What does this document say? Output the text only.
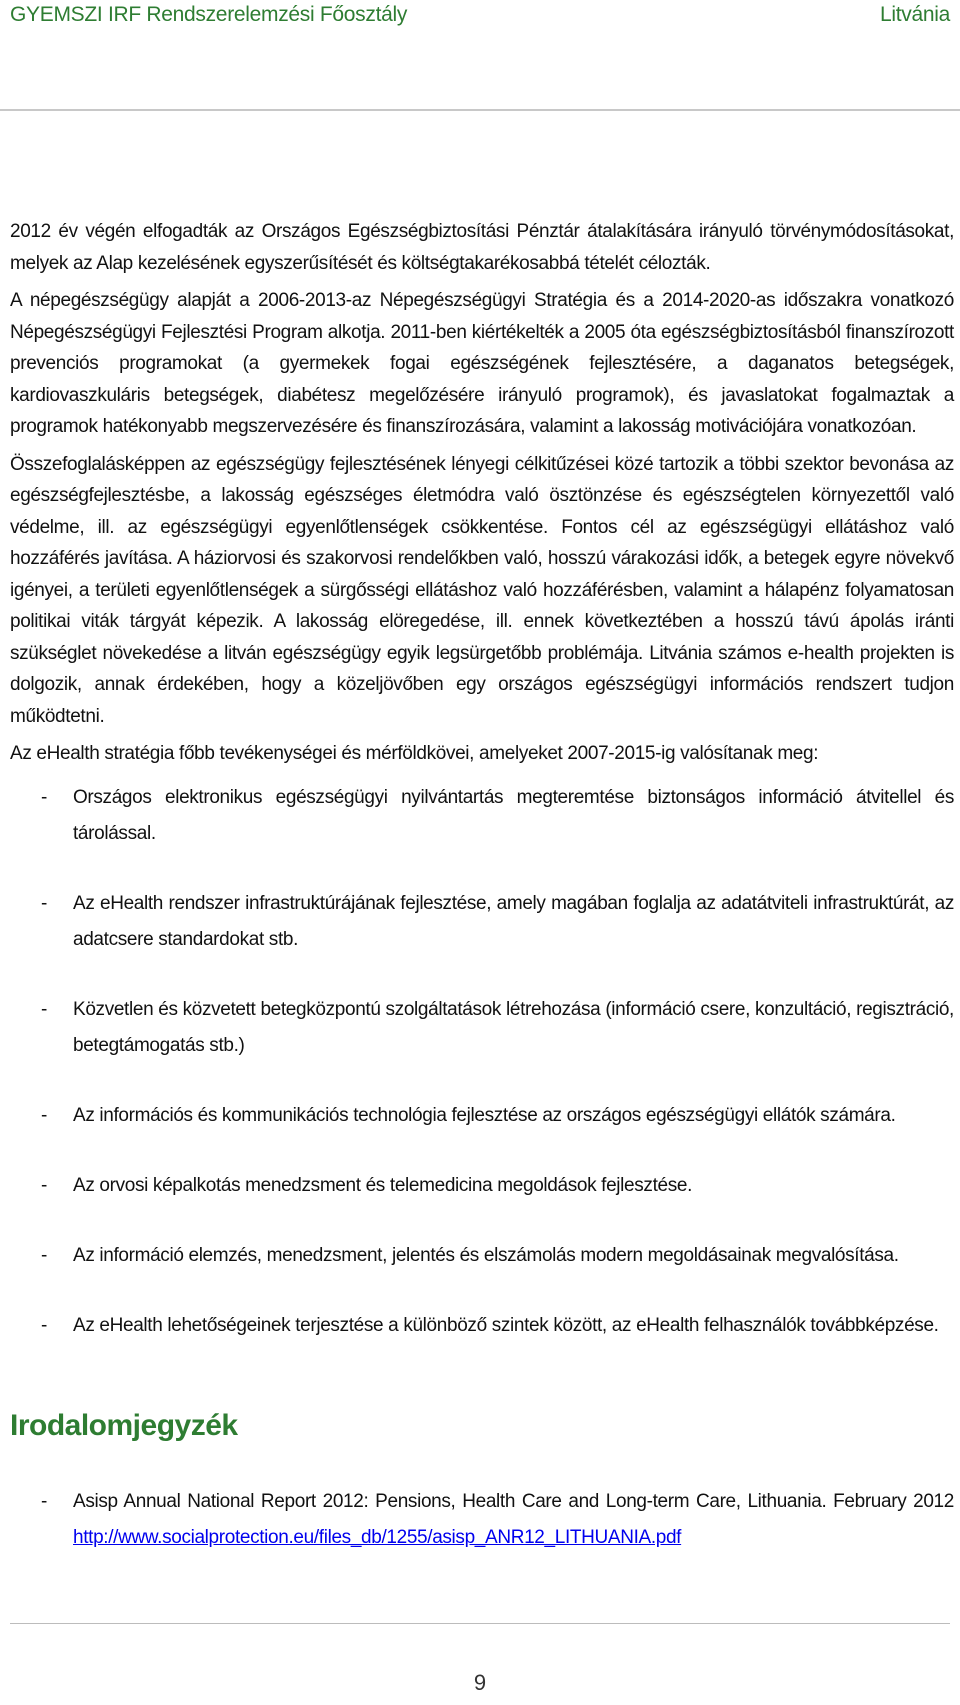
GYEMSZI IRF Rendszerelemzési Főosztály	Litvánia

2012 év végén elfogadták az Országos Egészségbiztosítási Pénztár átalakítására irányuló törvénymódosításokat, melyek az Alap kezelésének egyszerűsítését és költségtakarékosabbá tételét célozták.

A népegészségügy alapját a 2006-2013-az Népegészségügyi Stratégia és a 2014-2020-as időszakra vonatkozó Népegészségügyi Fejlesztési Program alkotja. 2011-ben kiértékelték a 2005 óta egészségbiztosításból finanszírozott prevenciós programokat (a gyermekek fogai egészségének fejlesztésére, a daganatos betegségek, kardiovaszkuláris betegségek, diabétesz megelőzésére irányuló programok), és javaslatokat fogalmaztak a programok hatékonyabb megszervezésére és finanszírozására, valamint a lakosság motivációjára vonatkozóan.

Összefoglalásképpen az egészségügy fejlesztésének lényegi célkitűzései közé tartozik a többi szektor bevonása az egészségfejlesztésbe, a lakosság egészséges életmódra való ösztönzése és egészségtelen környezettől való védelme, ill. az egészségügyi egyenlőtlenségek csökkentése. Fontos cél az egészségügyi ellátáshoz való hozzáférés javítása. A háziorvosi és szakorvosi rendelőkben való, hosszú várakozási idők, a betegek egyre növekvő igényei, a területi egyenlőtlenségek a sürgősségi ellátáshoz való hozzáférésben, valamint a hálapénz folyamatosan politikai viták tárgyát képezik. A lakosság elöregedése, ill. ennek következtében a hosszú távú ápolás iránti szükséglet növekedése a litván egészségügy egyik legsürgetőbb problémája. Litvánia számos e-health projekten is dolgozik, annak érdekében, hogy a közeljövőben egy országos egészségügyi információs rendszert tudjon működtetni.

Az eHealth stratégia főbb tevékenységei és mérföldkövei, amelyeket 2007-2015-ig valósítanak meg:

- Országos elektronikus egészségügyi nyilvántartás megteremtése biztonságos információ átvitellel és tárolással.
- Az eHealth rendszer infrastruktúrájának fejlesztése, amely magában foglalja az adatátviteli infrastruktúrát, az adatcsere standardokat stb.
- Közvetlen és közvetett betegközpontú szolgáltatások létrehozása (információ csere, konzultáció, regisztráció, betegtámogatás stb.)
- Az információs és kommunikációs technológia fejlesztése az országos egészségügyi ellátók számára.
- Az orvosi képalkotás menedzsment és telemedicina megoldások fejlesztése.
- Az információ elemzés, menedzsment, jelentés és elszámolás modern megoldásainak megvalósítása.
- Az eHealth lehetőségeinek terjesztése a különböző szintek között, az eHealth felhasználók továbbképzése.
Irodalomjegyzék
- Asisp Annual National Report 2012: Pensions, Health Care and Long-term Care, Lithuania. February 2012 http://www.socialprotection.eu/files_db/1255/asisp_ANR12_LITHUANIA.pdf
9
